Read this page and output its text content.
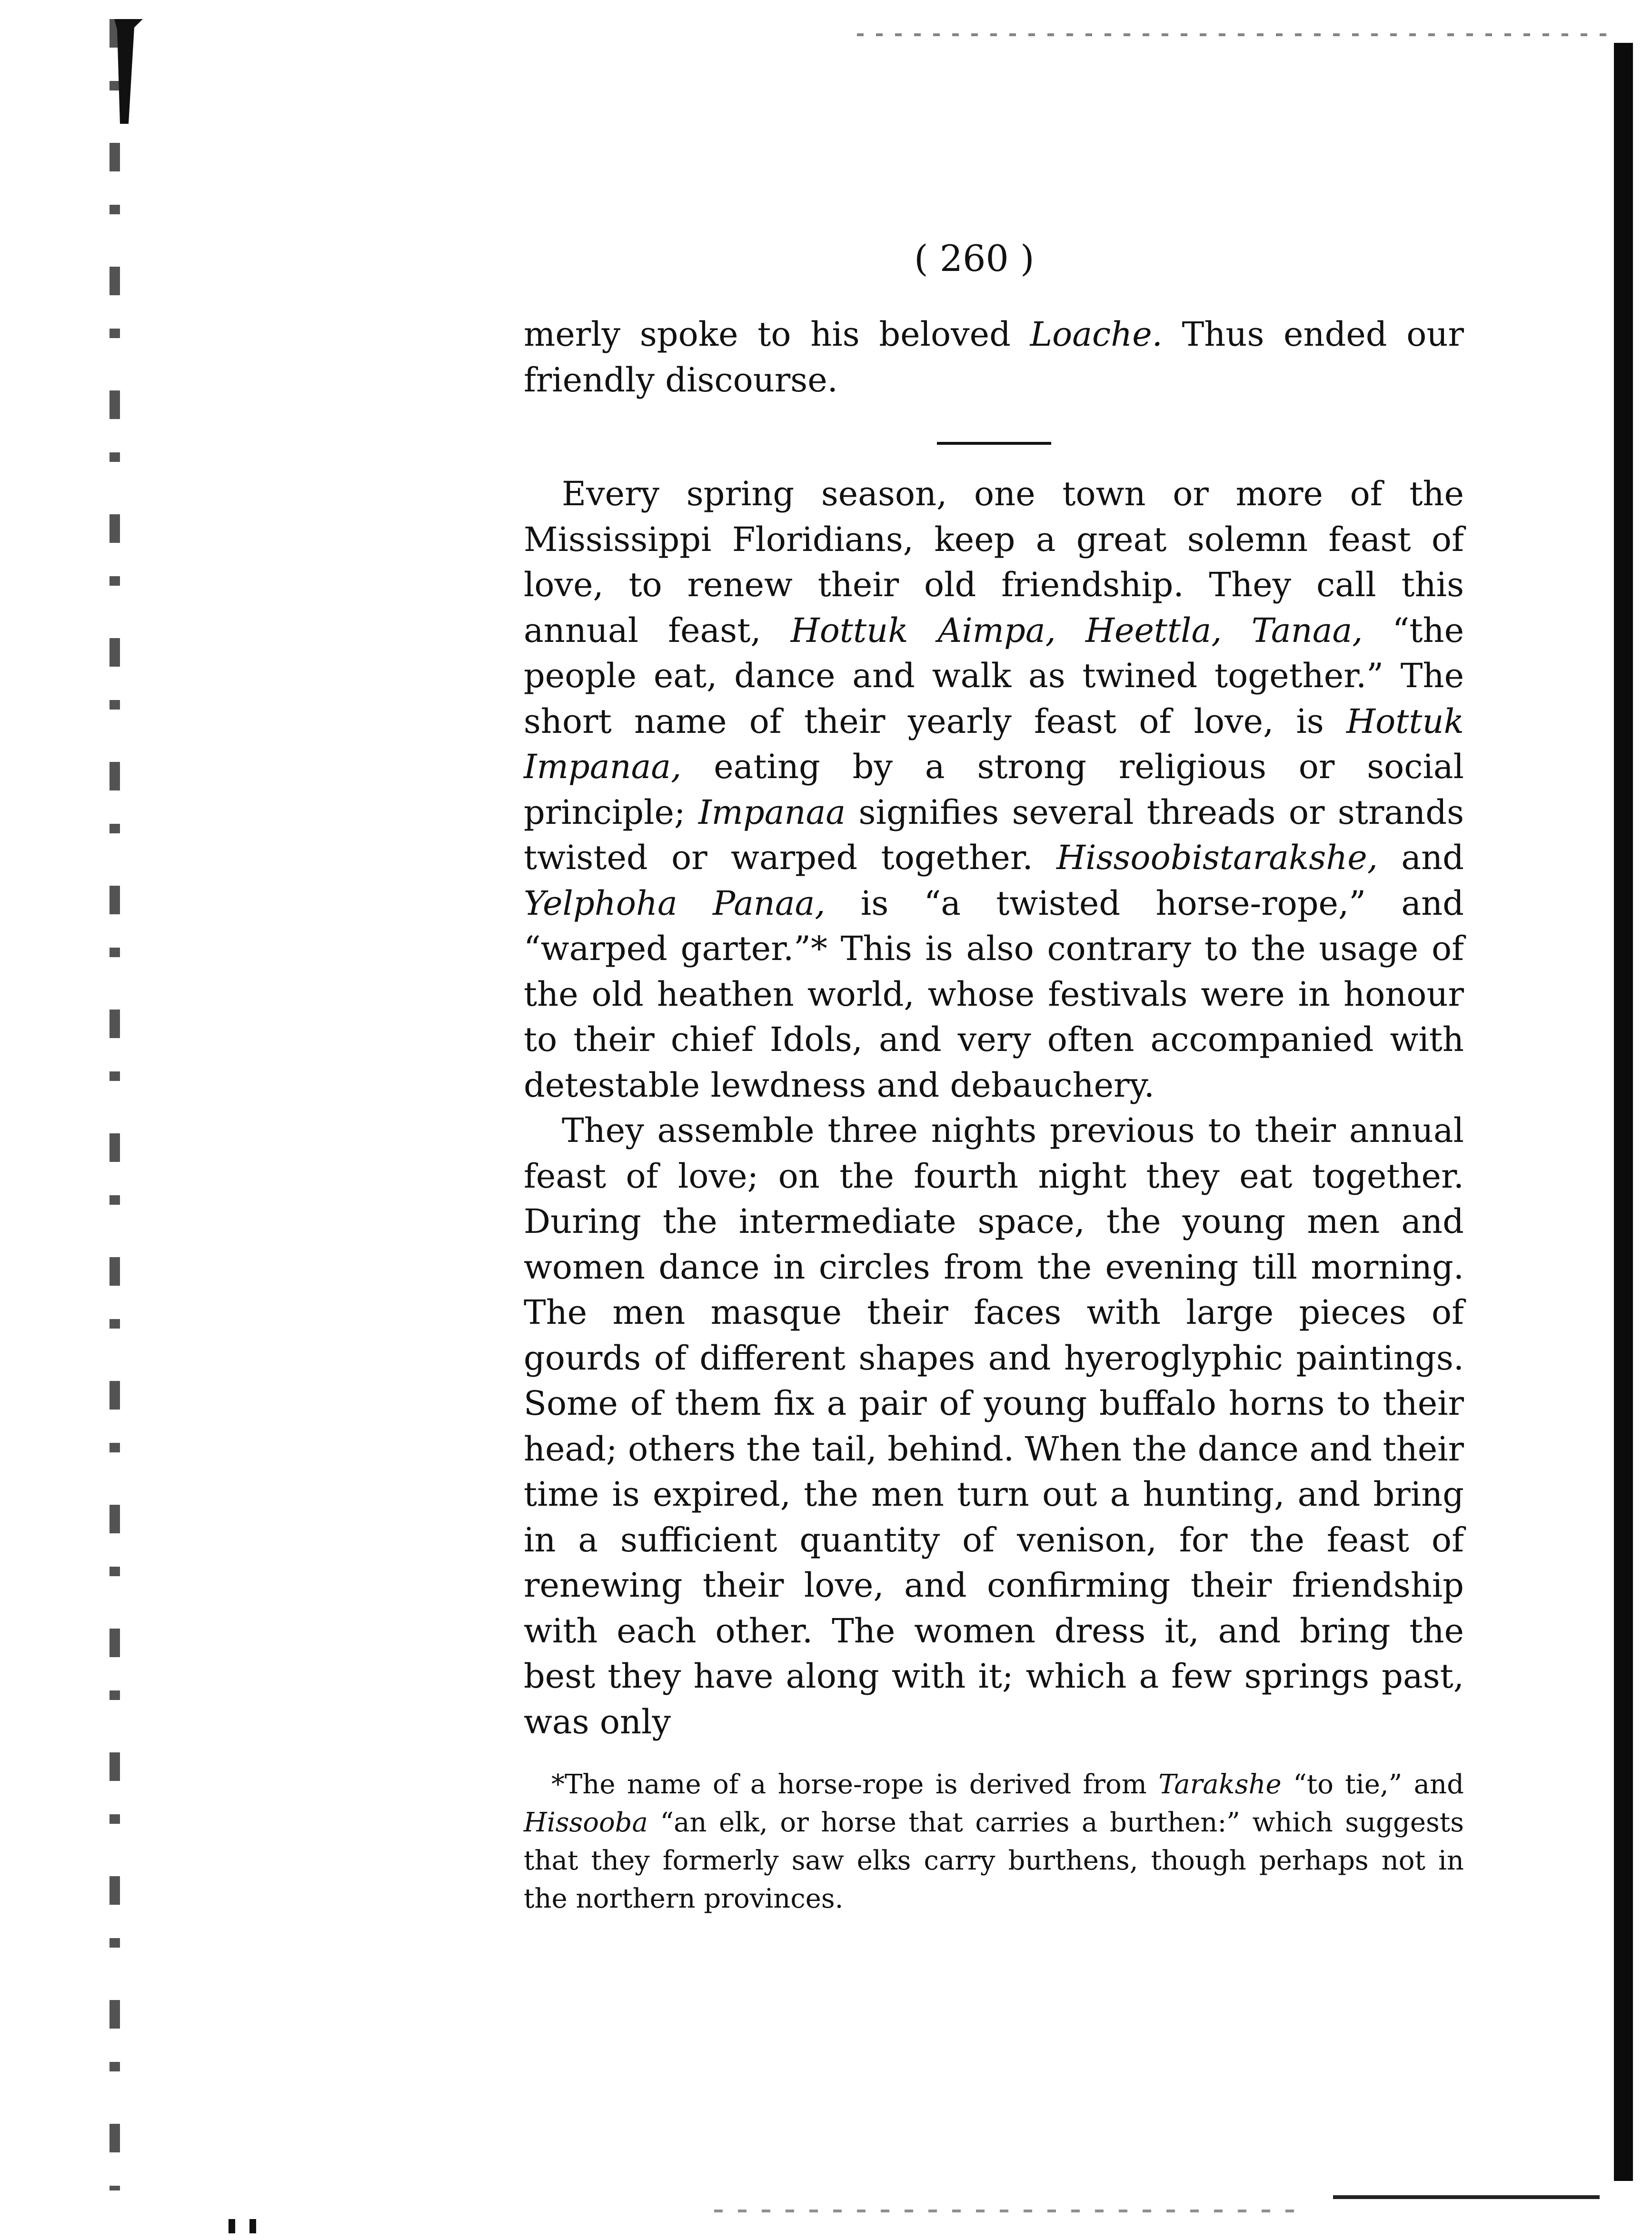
( 260 )

merly spoke to his beloved Loache. Thus ended our friendly discourse.

Every spring season, one town or more of the Mississippi Floridians, keep a great solemn feast of love, to renew their old friendship. They call this annual feast, Hottuk Aimpa, Heettla, Tanaa, “the people eat, dance and walk as twined together.” The short name of their yearly feast of love, is Hottuk Impanaa, eating by a strong religious or social principle; Impanaa signifies several threads or strands twisted or warped together. Hissoobistarakshe, and Yelphoha Panaa, is “a twisted horse-rope,” and “warped garter.”* This is also contrary to the usage of the old heathen world, whose festivals were in honour to their chief Idols, and very often accompanied with detestable lewdness and debauchery.

They assemble three nights previous to their annual feast of love; on the fourth night they eat together. During the intermediate space, the young men and women dance in circles from the evening till morning. The men masque their faces with large pieces of gourds of different shapes and hyeroglyphic paintings. Some of them fix a pair of young buffalo horns to their head; others the tail, behind. When the dance and their time is expired, the men turn out a hunting, and bring in a sufficient quantity of venison, for the feast of renewing their love, and confirming their friendship with each other. The women dress it, and bring the best they have along with it; which a few springs past, was only

*The name of a horse-rope is derived from Tarakshe “to tie,” and Hissooba “an elk, or horse that carries a burthen:” which suggests that they formerly saw elks carry burthens, though perhaps not in the northern provinces.
